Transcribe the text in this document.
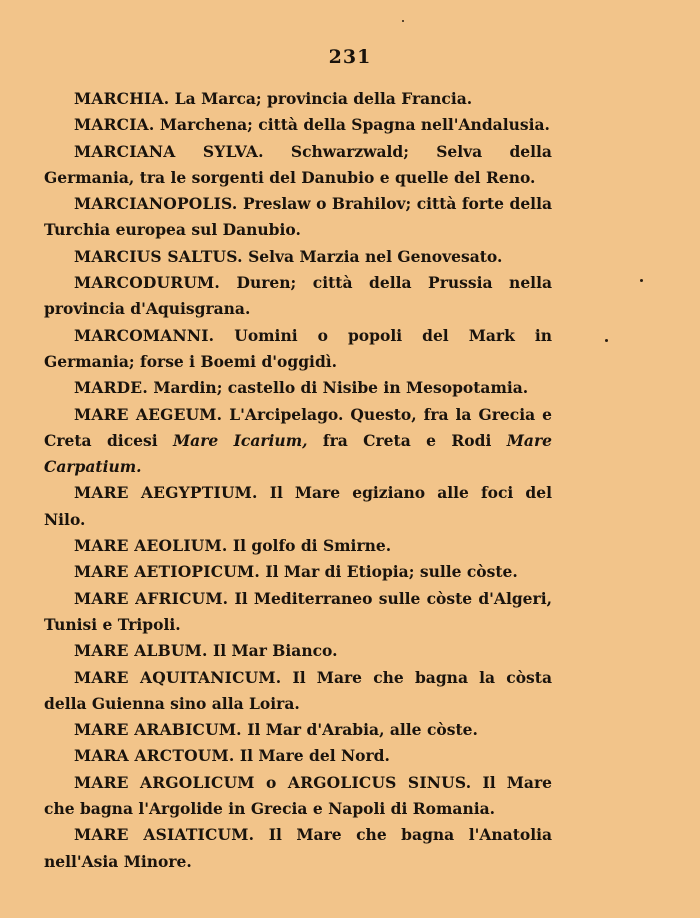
231

MARCHIA. La Marca; provincia della Francia.

MARCIA. Marchena; città della Spagna nell'Andalusia.

MARCIANA SYLVA. Schwarzwald; Selva della Germania, tra le sorgenti del Danubio e quelle del Reno.

MARCIANOPOLIS. Preslaw o Brahilov; città forte della Turchia europea sul Danubio.

MARCIUS SALTUS. Selva Marzia nel Genovesato.

MARCODURUM. Duren; città della Prussia nella provincia d'Aquisgrana.

MARCOMANNI. Uomini o popoli del Mark in Germania; forse i Boemi d'oggidì.

MARDE. Mardin; castello di Nisibe in Mesopotamia.

MARE AEGEUM. L'Arcipelago. Questo, fra la Grecia e Creta dicesi Mare Icarium, fra Creta e Rodi Mare Carpatium.

MARE AEGYPTIUM. Il Mare egiziano alle foci del Nilo.

MARE AEOLIUM. Il golfo di Smirne.

MARE AETIOPICUM. Il Mar di Etiopia; sulle còste.

MARE AFRICUM. Il Mediterraneo sulle còste d'Algeri, Tunisi e Tripoli.

MARE ALBUM. Il Mar Bianco.

MARE AQUITANICUM. Il Mare che bagna la còsta della Guienna sino alla Loira.

MARE ARABICUM. Il Mar d'Arabia, alle còste.

MARA ARCTOUM. Il Mare del Nord.

MARE ARGOLICUM o ARGOLICUS SINUS. Il Mare che bagna l'Argolide in Grecia e Napoli di Romania.

MARE ASIATICUM. Il Mare che bagna l'Anatolia nell'Asia Minore.
